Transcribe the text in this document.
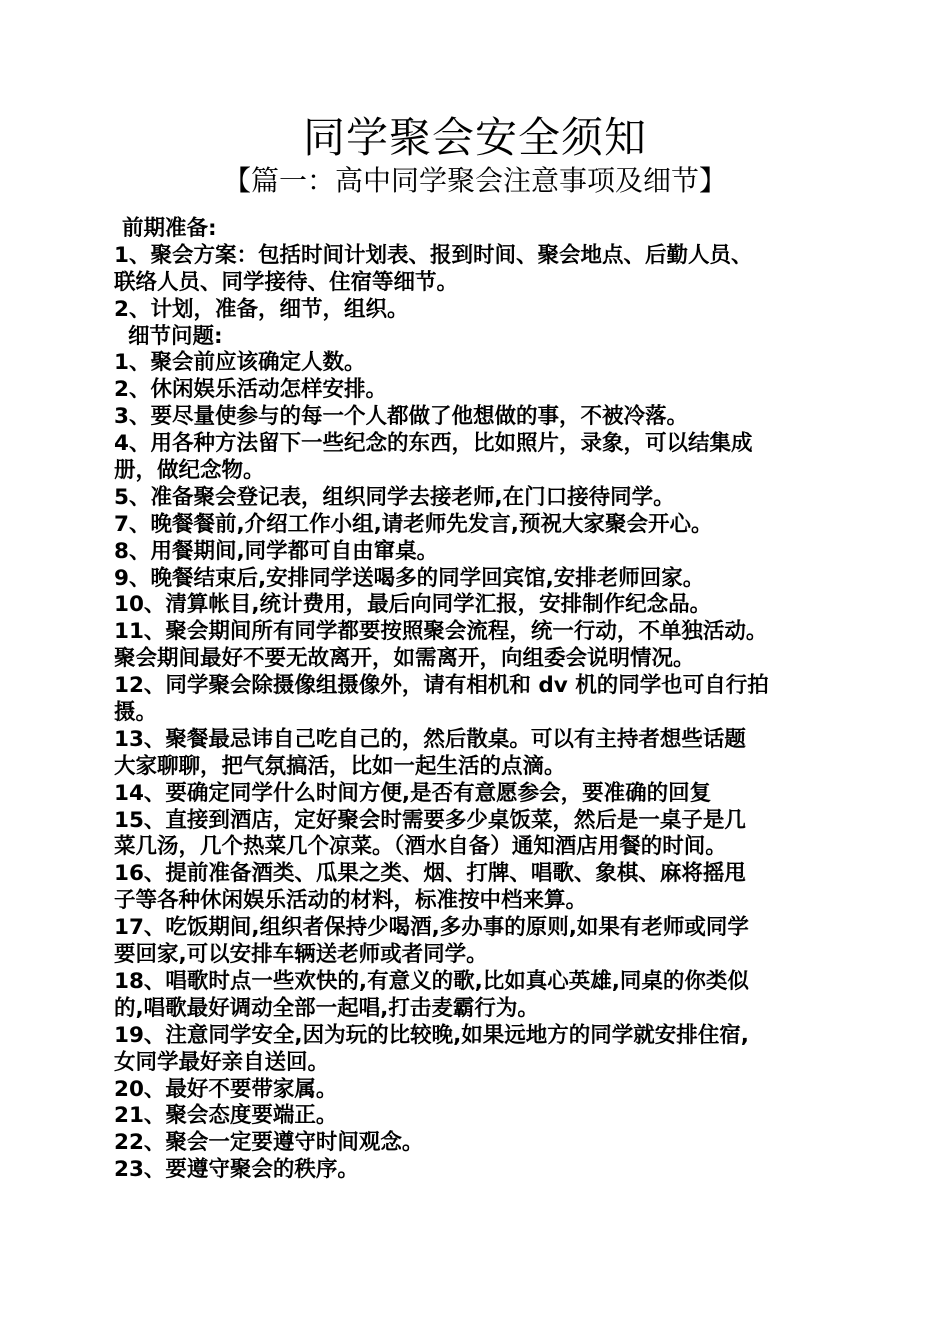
同学聚会安全须知
【篇一：高中同学聚会注意事项及细节】
前期准备:
1、聚会方案：包括时间计划表、报到时间、聚会地点、后勤人员、
联络人员、同学接待、住宿等细节。
2、计划，准备，细节，组织。
细节问题:
1、聚会前应该确定人数。
2、休闲娱乐活动怎样安排。
3、要尽量使参与的每一个人都做了他想做的事，不被冷落。
4、用各种方法留下一些纪念的东西，比如照片，录象，可以结集成
册，做纪念物。
5、准备聚会登记表，组织同学去接老师,在门口接待同学。
7、晚餐餐前,介绍工作小组,请老师先发言,预祝大家聚会开心。
8、用餐期间,同学都可自由窜桌。
9、晚餐结束后,安排同学送喝多的同学回宾馆,安排老师回家。
10、清算帐目,统计费用，最后向同学汇报，安排制作纪念品。
11、聚会期间所有同学都要按照聚会流程，统一行动，不单独活动。
聚会期间最好不要无故离开，如需离开，向组委会说明情况。
12、同学聚会除摄像组摄像外，请有相机和 dv 机的同学也可自行拍
摄。
13、聚餐最忌讳自己吃自己的，然后散桌。可以有主持者想些话题
大家聊聊，把气氛搞活，比如一起生活的点滴。
14、要确定同学什么时间方便,是否有意愿参会，要准确的回复
15、直接到酒店，定好聚会时需要多少桌饭菜，然后是一桌子是几
菜几汤，几个热菜几个凉菜。（酒水自备）通知酒店用餐的时间。
16、提前准备酒类、瓜果之类、烟、打牌、唱歌、象棋、麻将摇甩
子等各种休闲娱乐活动的材料，标准按中档来算。
17、吃饭期间,组织者保持少喝酒,多办事的原则,如果有老师或同学
要回家,可以安排车辆送老师或者同学。
18、唱歌时点一些欢快的,有意义的歌,比如真心英雄,同桌的你类似
的,唱歌最好调动全部一起唱,打击麦霸行为。
19、注意同学安全,因为玩的比较晚,如果远地方的同学就安排住宿,
女同学最好亲自送回。
20、最好不要带家属。
21、聚会态度要端正。
22、聚会一定要遵守时间观念。
23、要遵守聚会的秩序。
